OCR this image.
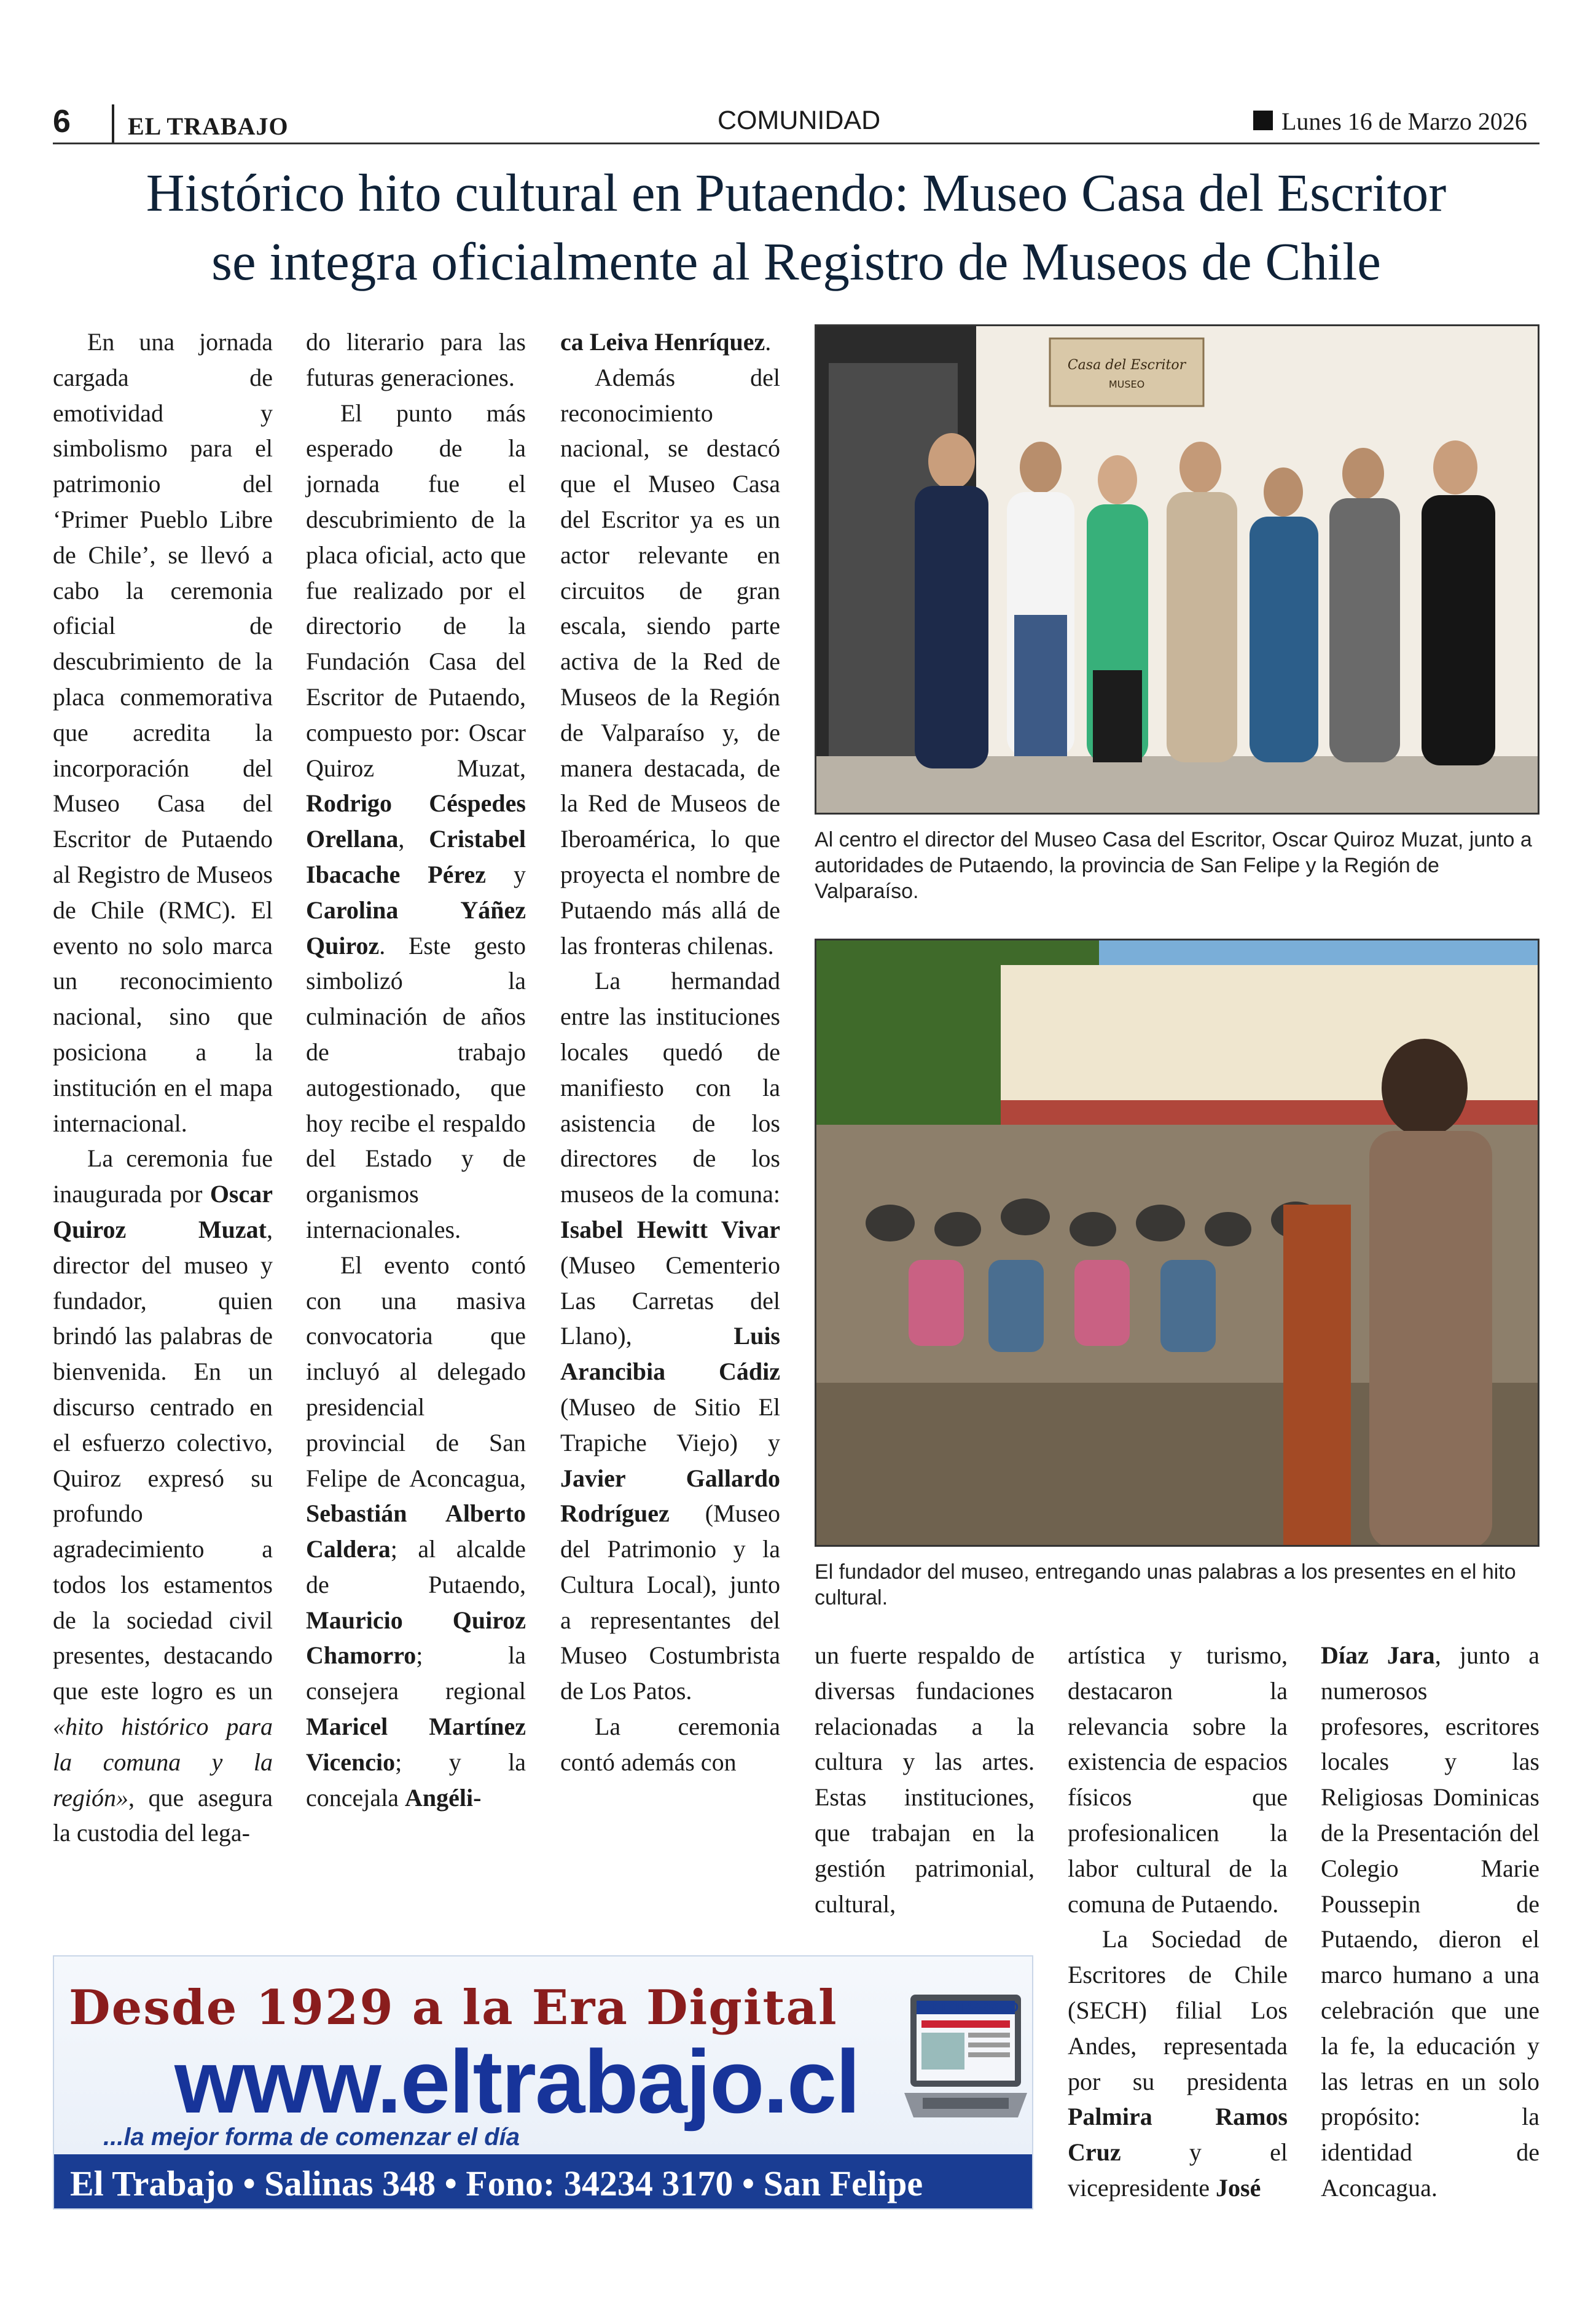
6 EL TRABAJO	COMUNIDAD	Lunes 16 de Marzo 2026
Histórico hito cultural en Putaendo: Museo Casa del Escritor
se integra oficialmente al Registro de Museos de Chile

En una jornada cargada de emotividad y simbolismo para el patrimonio del ‘Primer Pueblo Libre de Chile’, se llevó a cabo la ceremonia oficial de descubrimiento de la placa conmemorativa que acredita la incorporación del Museo Casa del Escritor de Putaendo al Registro de Museos de Chile (RMC). El evento no solo marca un reconocimiento nacional, sino que posiciona a la institución en el mapa internacional.

La ceremonia fue inaugurada por Oscar Quiroz Muzat, director del museo y fundador, quien brindó las palabras de bienvenida. En un discurso centrado en el esfuerzo colectivo, Quiroz expresó su profundo agradecimiento a todos los estamentos de la sociedad civil presentes, destacando que este logro es un «hito histórico para la comuna y la región», que asegura la custodia del lega-

do literario para las futuras generaciones.

El punto más esperado de la jornada fue el descubrimiento de la placa oficial, acto que fue realizado por el directorio de la Fundación Casa del Escritor de Putaendo, compuesto por: Oscar Quiroz Muzat, Rodrigo Céspedes Orellana, Cristabel Ibacache Pérez y Carolina Yáñez Quiroz. Este gesto simbolizó la culminación de años de trabajo autogestionado, que hoy recibe el respaldo del Estado y de organismos internacionales.

El evento contó con una masiva convocatoria que incluyó al delegado presidencial provincial de San Felipe de Aconcagua, Sebastián Alberto Caldera; al alcalde de Putaendo, Mauricio Quiroz Chamorro; la consejera regional Maricel Martínez Vicencio; y la concejala Angéli-

ca Leiva Henríquez.

Además del reconocimiento nacional, se destacó que el Museo Casa del Escritor ya es un actor relevante en circuitos de gran escala, siendo parte activa de la Red de Museos de la Región de Valparaíso y, de manera destacada, de la Red de Museos de Iberoamérica, lo que proyecta el nombre de Putaendo más allá de las fronteras chilenas.

La hermandad entre las instituciones locales quedó de manifiesto con la asistencia de los directores de los museos de la comuna: Isabel Hewitt Vivar (Museo Cementerio Las Carretas del Llano), Luis Arancibia Cádiz (Museo de Sitio El Trapiche Viejo) y Javier Gallardo Rodríguez (Museo del Patrimonio y la Cultura Local), junto a representantes del Museo Costumbrista de Los Patos.

La ceremonia contó además con

Casa del Escritor
MUSEO
Al centro el director del Museo Casa del Escritor, Oscar Quiroz Muzat, junto a autoridades de Putaendo, la provincia de San Felipe y la Región de Valparaíso.
El fundador del museo, entregando unas palabras a los presentes en el hito cultural.

un fuerte respaldo de diversas fundaciones relacionadas a la cultura y las artes. Estas instituciones, que trabajan en la gestión patrimonial, cultural,

artística y turismo, destacaron la relevancia sobre la existencia de espacios físicos que profesionalicen la labor cultural de la comuna de Putaendo.

La Sociedad de Escritores de Chile (SECH) filial Los Andes, representada por su presidenta Palmira Ramos Cruz y el vicepresidente José

Díaz Jara, junto a numerosos profesores, escritores locales y las Religiosas Dominicas de la Presentación del Colegio Marie Poussepin de Putaendo, dieron el marco humano a una celebración que une la fe, la educación y las letras en un solo propósito: la identidad de Aconcagua.

Desde 1929 a la Era Digital
www.eltrabajo.cl
...la mejor forma de comenzar el día
EL TRABAJO
El Trabajo • Salinas 348 • Fono: 34234 3170 • San Felipe
